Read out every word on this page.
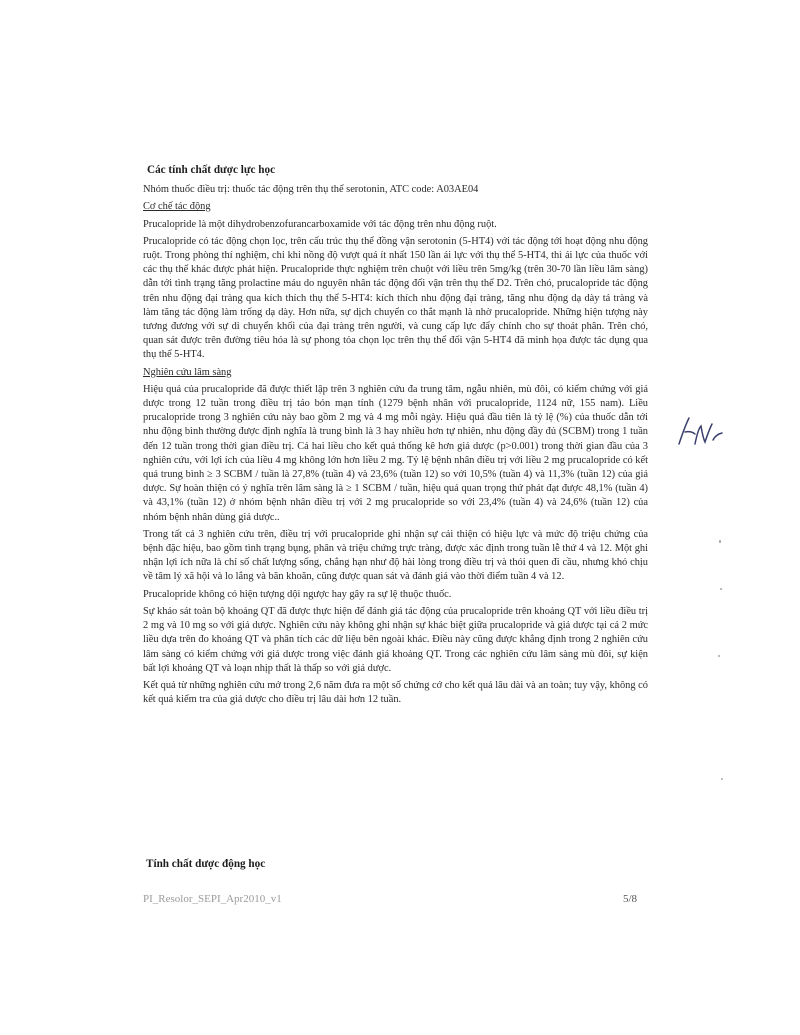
Các tính chất dược lực học

Nhóm thuốc điều trị: thuốc tác động trên thụ thể serotonin, ATC code: A03AE04

Cơ chế tác động

Prucalopride là một dihydrobenzofurancarboxamide với tác động trên nhu động ruột.

Prucalopride có tác động chọn lọc, trên cấu trúc thụ thể đồng vận serotonin (5-HT4) với tác động tới hoạt động nhu động ruột. Trong phòng thí nghiệm, chỉ khi nồng độ vượt quá ít nhất 150 lần ái lực với thụ thể 5-HT4, thì ái lực của thuốc với các thụ thể khác được phát hiện. Prucalopride thực nghiệm trên chuột với liều trên 5mg/kg (trên 30-70 lần liều lâm sàng) dẫn tới tình trạng tăng prolactine máu do nguyên nhân tác động đối vận trên thụ thể D2. Trên chó, prucalopride tác động trên nhu động đại tràng qua kích thích thụ thể 5-HT4: kích thích nhu động đại tràng, tăng nhu động dạ dày tá tràng và làm tăng tác động làm trống dạ dày. Hơn nữa, sự dịch chuyển co thắt mạnh là nhờ prucalopride. Những hiện tượng này tương đương với sự di chuyển khối của đại tràng trên người, và cung cấp lực đẩy chính cho sự thoát phân. Trên chó, quan sát được trên đường tiêu hóa là sự phong tỏa chọn lọc trên thụ thể đối vận 5-HT4 đã minh họa được tác dụng qua thụ thể 5-HT4.

Nghiên cứu lâm sàng

Hiệu quả của prucalopride đã được thiết lập trên 3 nghiên cứu đa trung tâm, ngẫu nhiên, mù đôi, có kiểm chứng với giả dược trong 12 tuần trong điều trị táo bón mạn tính (1279 bệnh nhân với prucalopride, 1124 nữ, 155 nam). Liều prucalopride trong 3 nghiên cứu này bao gồm 2 mg và 4 mg mỗi ngày. Hiệu quả đầu tiên là tỷ lệ (%) của thuốc dẫn tới nhu động bình thường được định nghĩa là trung bình là 3 hay nhiều hơn tự nhiên, nhu động đầy đủ (SCBM) trong 1 tuần đến 12 tuần trong thời gian điều trị. Cả hai liều cho kết quả thống kê hơn giả dược (p>0.001) trong thời gian đầu của 3 nghiên cứu, với lợi ích của liều 4 mg không lớn hơn liều 2 mg. Tỷ lệ bệnh nhân điều trị với liều 2 mg prucalopride có kết quả trung bình ≥ 3 SCBM / tuần là 27,8% (tuần 4) và 23,6% (tuần 12) so với 10,5% (tuần 4) và 11,3% (tuần 12) của giả dược. Sự hoàn thiện có ý nghĩa trên lâm sàng là ≥ 1 SCBM / tuần, hiệu quả quan trọng thứ phát đạt được 48,1% (tuần 4) và 43,1% (tuần 12) ở nhóm bệnh nhân điều trị với 2 mg prucalopride so với 23,4% (tuần 4) và 24,6% (tuần 12) của nhóm bệnh nhân dùng giả dược..

Trong tất cả 3 nghiên cứu trên, điều trị với prucalopride ghi nhận sự cải thiện có hiệu lực và mức độ triệu chứng của bệnh đặc hiệu, bao gồm tình trạng bụng, phân và triệu chứng trực tràng, được xác định trong tuần lễ thứ 4 và 12. Một ghi nhận lợi ích nữa là chỉ số chất lượng sống, chẳng hạn như độ hài lòng trong điều trị và thói quen đi cầu, nhưng khó chịu về tâm lý xã hội và lo lắng và băn khoăn, cũng được quan sát và đánh giá vào thời điểm tuần 4 và 12.

Prucalopride không có hiện tượng dội ngược hay gây ra sự lệ thuộc thuốc.

Sự khảo sát toàn bộ khoảng QT đã được thực hiện để đánh giá tác động của prucalopride trên khoảng QT với liều điều trị 2 mg và 10 mg so với giả dược. Nghiên cứu này không ghi nhận sự khác biệt giữa prucalopride và giả dược tại cả 2 mức liều dựa trên đo khoảng QT và phân tích các dữ liệu bên ngoài khác. Điều này cũng được khẳng định trong 2 nghiên cứu lâm sàng có kiểm chứng với giả dược trong việc đánh giá khoảng QT. Trong các nghiên cứu lâm sàng mù đôi, sự kiện bất lợi khoảng QT và loạn nhịp thất là thấp so với giả dược.

Kết quả từ những nghiên cứu mở trong 2,6 năm đưa ra một số chứng cớ cho kết quả lâu dài và an toàn; tuy vậy, không có kết quả kiểm tra của giả dược cho điều trị lâu dài hơn 12 tuần.

Tính chất dược động học
PI_Resolor_SEPI_Apr2010_v1	5/8
